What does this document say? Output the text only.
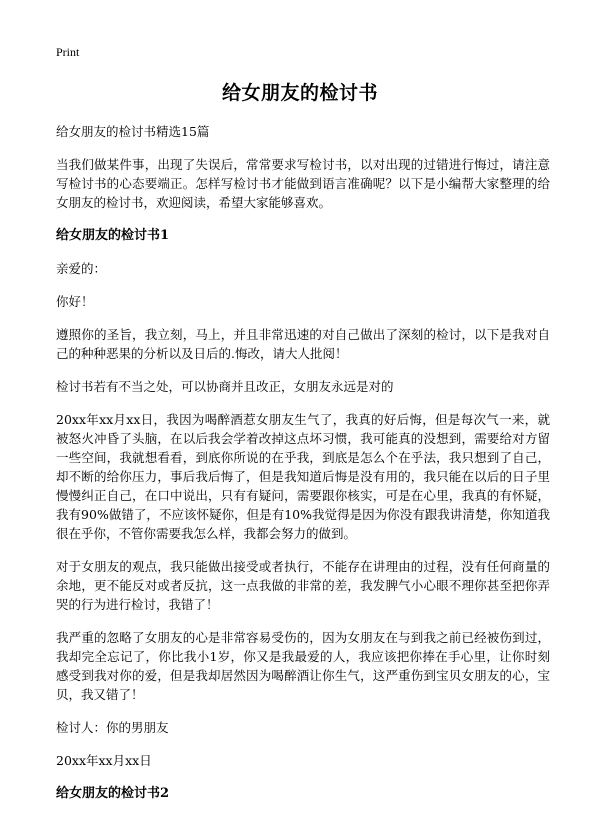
Print
给女朋友的检讨书

给女朋友的检讨书精选15篇

当我们做某件事，出现了失误后，常常要求写检讨书，以对出现的过错进行悔过，请注意写检讨书的心态要端正。怎样写检讨书才能做到语言准确呢？以下是小编帮大家整理的给女朋友的检讨书，欢迎阅读，希望大家能够喜欢。

给女朋友的检讨书1

亲爱的：

你好！

遵照你的圣旨，我立刻，马上，并且非常迅速的对自己做出了深刻的检讨，以下是我对自己的种种恶果的分析以及日后的.悔改，请大人批阅！

检讨书若有不当之处，可以协商并且改正，女朋友永远是对的

20xx年xx月xx日，我因为喝醉酒惹女朋友生气了，我真的好后悔，但是每次气一来，就被怒火冲昏了头脑，在以后我会学着改掉这点坏习惯，我可能真的没想到，需要给对方留一些空间，我就想看看，到底你所说的在乎我，到底是怎么个在乎法，我只想到了自己，却不断的给你压力，事后我后悔了，但是我知道后悔是没有用的，我只能在以后的日子里慢慢纠正自己，在口中说出，只有有疑问，需要跟你核实，可是在心里，我真的有怀疑，我有90%做错了，不应该怀疑你，但是有10%我觉得是因为你没有跟我讲清楚，你知道我很在乎你，不管你需要我怎么样，我都会努力的做到。

对于女朋友的观点，我只能做出接受或者执行，不能存在讲理由的过程，没有任何商量的余地，更不能反对或者反抗，这一点我做的非常的差，我发脾气小心眼不理你甚至把你弄哭的行为进行检讨，我错了！

我严重的忽略了女朋友的心是非常容易受伤的，因为女朋友在与到我之前已经被伤到过，我却完全忘记了，你比我小1岁，你又是我最爱的人，我应该把你捧在手心里，让你时刻感受到我对你的爱，但是我却居然因为喝醉酒让你生气，这严重伤到宝贝女朋友的心，宝贝，我又错了！

检讨人：你的男朋友

20xx年xx月xx日

给女朋友的检讨书2
